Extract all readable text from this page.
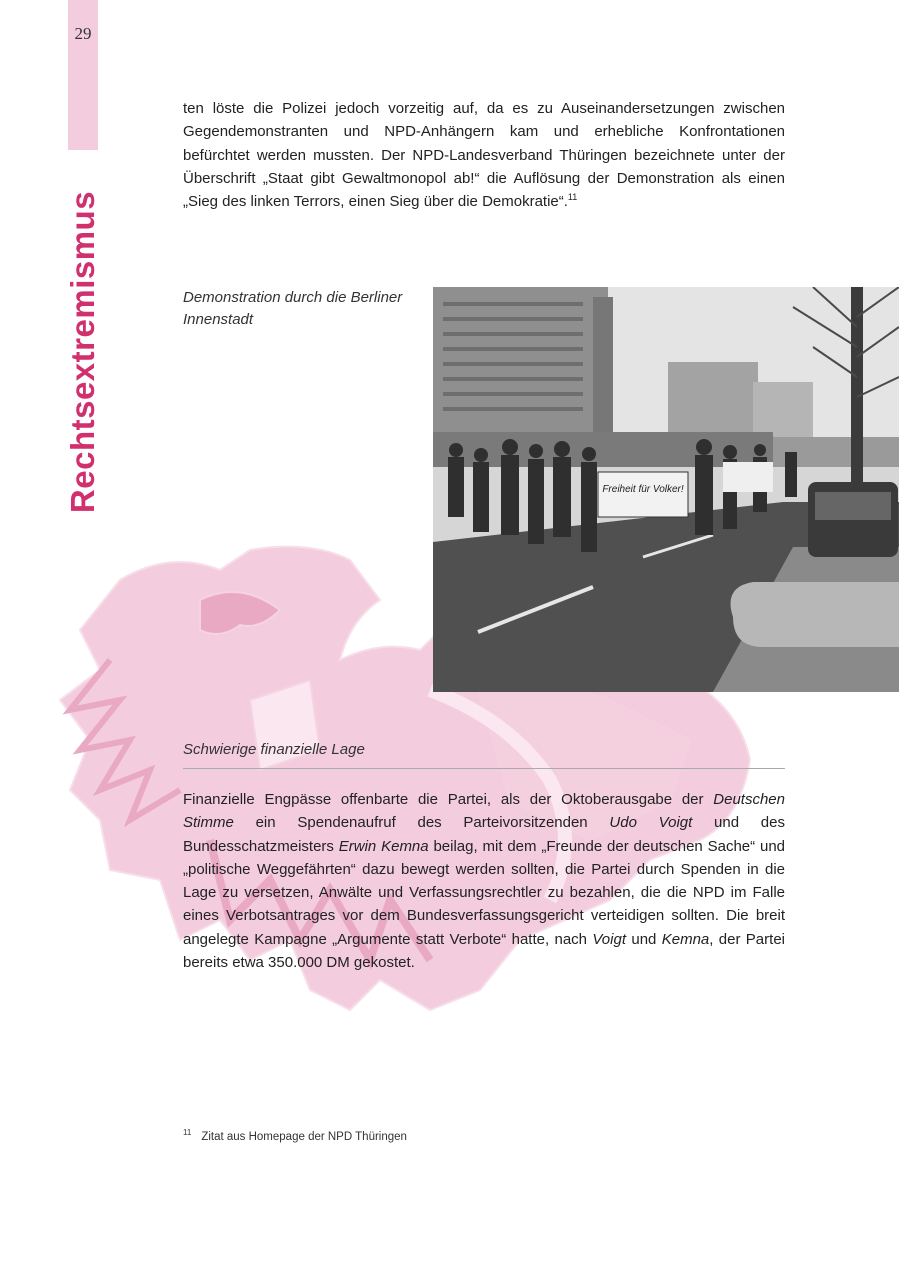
29
Rechtsextremismus

ten löste die Polizei jedoch vorzeitig auf, da es zu Auseinandersetzungen zwischen Gegendemonstranten und NPD-Anhängern kam und erhebliche Konfrontationen befürchtet werden mussten. Der NPD-Landesverband Thüringen bezeichnete unter der Überschrift „Staat gibt Gewaltmonopol ab!“ die Auflösung der Demonstration als einen „Sieg des linken Terrors, einen Sieg über die Demokratie“.$^{11}$

Demonstration durch die Berliner Innenstadt

Freiheit für Volker!

Schwierige finanzielle Lage

Finanzielle Engpässe offenbarte die Partei, als der Oktoberausgabe der Deutschen Stimme ein Spendenaufruf des Parteivorsitzenden Udo Voigt und des Bundesschatzmeisters Erwin Kemna beilag, mit dem „Freunde der deutschen Sache“ und „politische Weggefährten“ dazu bewegt werden sollten, die Partei durch Spenden in die Lage zu versetzen, Anwälte und Verfassungsrechtler zu bezahlen, die die NPD im Falle eines Verbotsantrages vor dem Bundesverfassungsgericht verteidigen sollten. Die breit angelegte Kampagne „Argumente statt Verbote“ hatte, nach Voigt und Kemna, der Partei bereits etwa 350.000 DM gekostet.

$^{11}$ Zitat aus Homepage der NPD Thüringen
